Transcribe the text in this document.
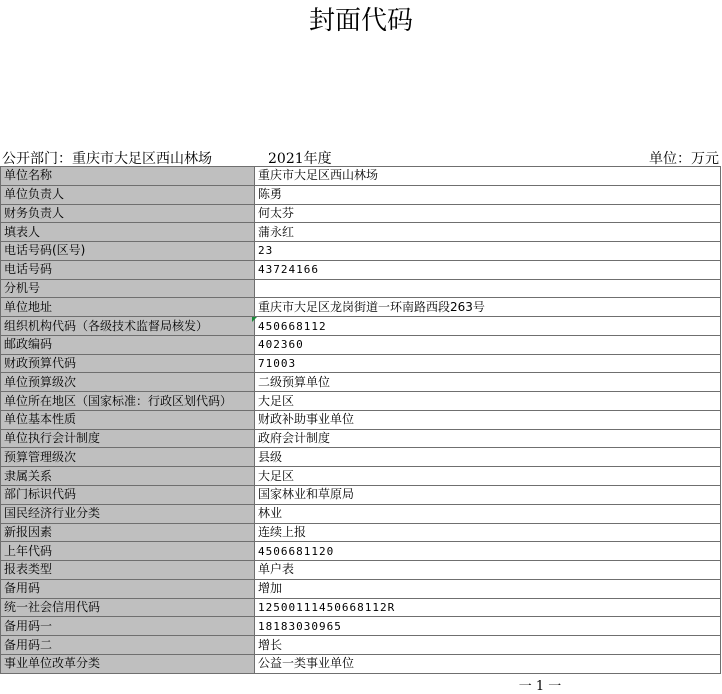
封面代码
公开部门：重庆市大足区西山林场	2021年度	单位：万元
单位名称	重庆市大足区西山林场
单位负责人	陈勇
财务负责人	何太芬
填表人	蒲永红
电话号码(区号)	23
电话号码	43724166
分机号	
单位地址	重庆市大足区龙岗街道一环南路西段263号
组织机构代码（各级技术监督局核发）	450668112
邮政编码	402360
财政预算代码	71003
单位预算级次	二级预算单位
单位所在地区（国家标准：行政区划代码）	大足区
单位基本性质	财政补助事业单位
单位执行会计制度	政府会计制度
预算管理级次	县级
隶属关系	大足区
部门标识代码	国家林业和草原局
国民经济行业分类	林业
新报因素	连续上报
上年代码	4506681120
报表类型	单户表
备用码	增加
统一社会信用代码	12500111450668112R
备用码一	18183030965
备用码二	增长
事业单位改革分类	公益一类事业单位
一 1 一
